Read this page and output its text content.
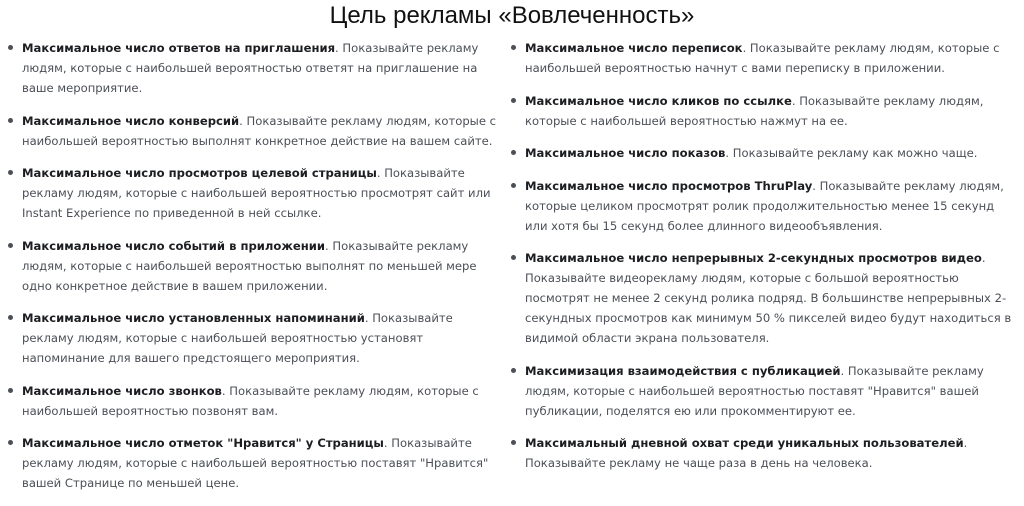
Цель рекламы «Вовлеченность»
Максимальное число ответов на приглашения. Показывайте рекламу людям, которые с наибольшей вероятностью ответят на приглашение на ваше мероприятие.
Максимальное число конверсий. Показывайте рекламу людям, которые с наибольшей вероятностью выполнят конкретное действие на вашем сайте.
Максимальное число просмотров целевой страницы. Показывайте рекламу людям, которые с наибольшей вероятностью просмотрят сайт или Instant Experience по приведенной в ней ссылке.
Максимальное число событий в приложении. Показывайте рекламу людям, которые с наибольшей вероятностью выполнят по меньшей мере одно конкретное действие в вашем приложении.
Максимальное число установленных напоминаний. Показывайте рекламу людям, которые с наибольшей вероятностью установят напоминание для вашего предстоящего мероприятия.
Максимальное число звонков. Показывайте рекламу людям, которые с наибольшей вероятностью позвонят вам.
Максимальное число отметок "Нравится" у Страницы. Показывайте рекламу людям, которые с наибольшей вероятностью поставят "Нравится" вашей Странице по меньшей цене.
Максимальное число переписок. Показывайте рекламу людям, которые с наибольшей вероятностью начнут с вами переписку в приложении.
Максимальное число кликов по ссылке. Показывайте рекламу людям, которые с наибольшей вероятностью нажмут на ее.
Максимальное число показов. Показывайте рекламу как можно чаще.
Максимальное число просмотров ThruPlay. Показывайте рекламу людям, которые целиком просмотрят ролик продолжительностью менее 15 секунд или хотя бы 15 секунд более длинного видеообъявления.
Максимальное число непрерывных 2-секундных просмотров видео. Показывайте видеорекламу людям, которые с большой вероятностью посмотрят не менее 2 секунд ролика подряд. В большинстве непрерывных 2-секундных просмотров как минимум 50 % пикселей видео будут находиться в видимой области экрана пользователя.
Максимизация взаимодействия с публикацией. Показывайте рекламу людям, которые с наибольшей вероятностью поставят "Нравится" вашей публикации, поделятся ею или прокомментируют ее.
Максимальный дневной охват среди уникальных пользователей. Показывайте рекламу не чаще раза в день на человека.
